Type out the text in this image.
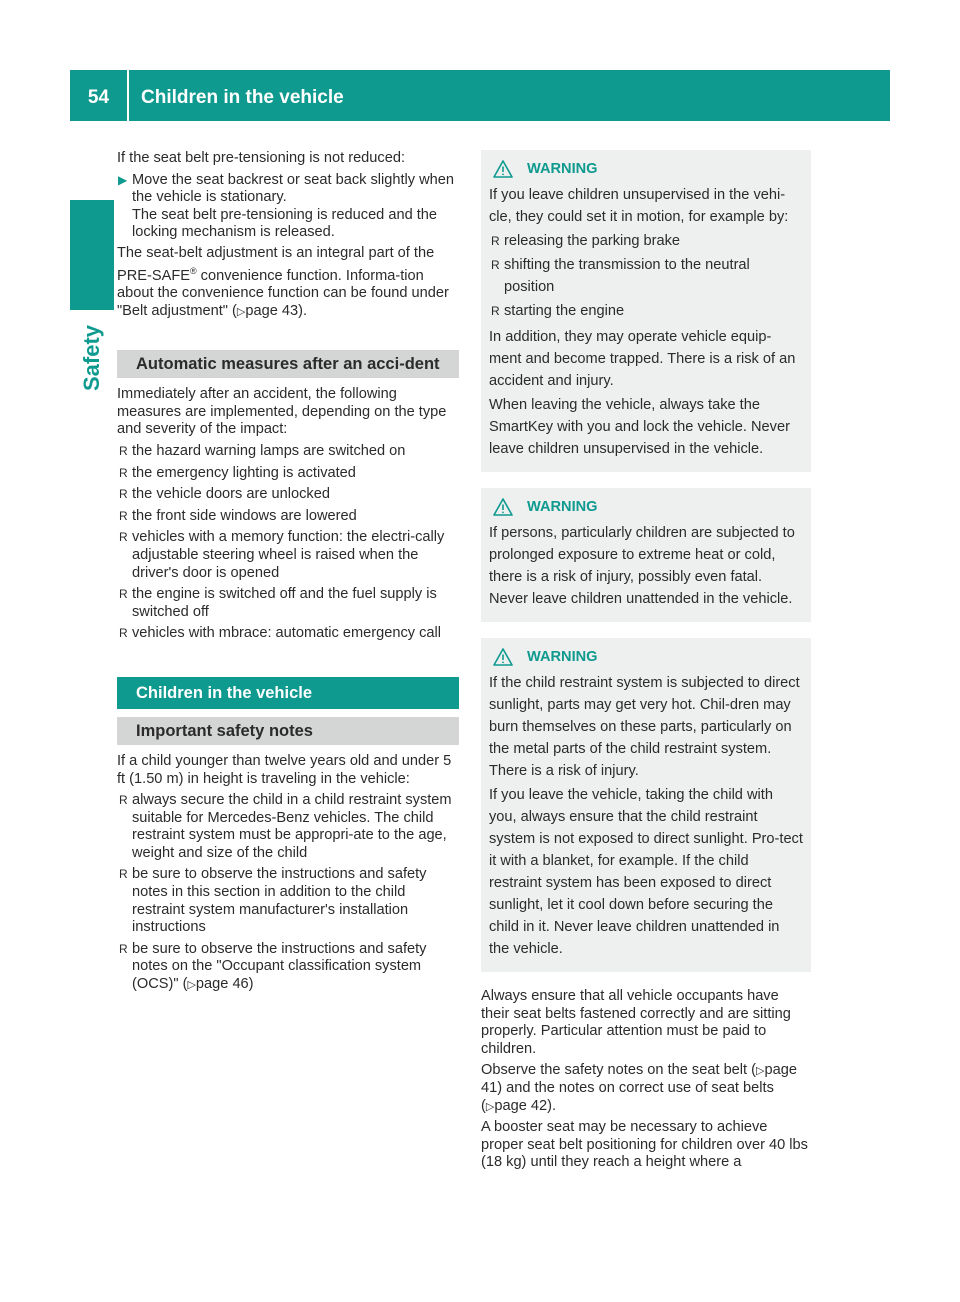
54	Children in the vehicle
Safety

If the seat belt pre-tensioning is not reduced:

▶ Move the seat backrest or seat back slightly when the vehicle is stationary.
The seat belt pre-tensioning is reduced and the locking mechanism is released.

The seat-belt adjustment is an integral part of the PRE-SAFE® convenience function. Informa-tion about the convenience function can be found under "Belt adjustment" (▷page 43).

Automatic measures after an acci-dent

Immediately after an accident, the following measures are implemented, depending on the type and severity of the impact:

R the hazard warning lamps are switched on
R the emergency lighting is activated
R the vehicle doors are unlocked
R the front side windows are lowered
R vehicles with a memory function: the electri-cally adjustable steering wheel is raised when the driver's door is opened
R the engine is switched off and the fuel supply is switched off
R vehicles with mbrace: automatic emergency call
Children in the vehicle
Important safety notes

If a child younger than twelve years old and under 5 ft (1.50 m) in height is traveling in the vehicle:

R always secure the child in a child restraint system suitable for Mercedes-Benz vehicles. The child restraint system must be appropri-ate to the age, weight and size of the child
R be sure to observe the instructions and safety notes in this section in addition to the child restraint system manufacturer's installation instructions
R be sure to observe the instructions and safety notes on the "Occupant classification system (OCS)" (▷page 46)
WARNING

If you leave children unsupervised in the vehi-cle, they could set it in motion, for example by:

R releasing the parking brake
R shifting the transmission to the neutral position
R starting the engine

In addition, they may operate vehicle equip-ment and become trapped. There is a risk of an accident and injury.

When leaving the vehicle, always take the SmartKey with you and lock the vehicle. Never leave children unsupervised in the vehicle.

WARNING

If persons, particularly children are subjected to prolonged exposure to extreme heat or cold, there is a risk of injury, possibly even fatal. Never leave children unattended in the vehicle.

WARNING

If the child restraint system is subjected to direct sunlight, parts may get very hot. Chil-dren may burn themselves on these parts, particularly on the metal parts of the child restraint system. There is a risk of injury.

If you leave the vehicle, taking the child with you, always ensure that the child restraint system is not exposed to direct sunlight. Pro-tect it with a blanket, for example. If the child restraint system has been exposed to direct sunlight, let it cool down before securing the child in it. Never leave children unattended in the vehicle.

Always ensure that all vehicle occupants have their seat belts fastened correctly and are sitting properly. Particular attention must be paid to children.

Observe the safety notes on the seat belt (▷page 41) and the notes on correct use of seat belts (▷page 42).

A booster seat may be necessary to achieve proper seat belt positioning for children over 40 lbs (18 kg) until they reach a height where a
